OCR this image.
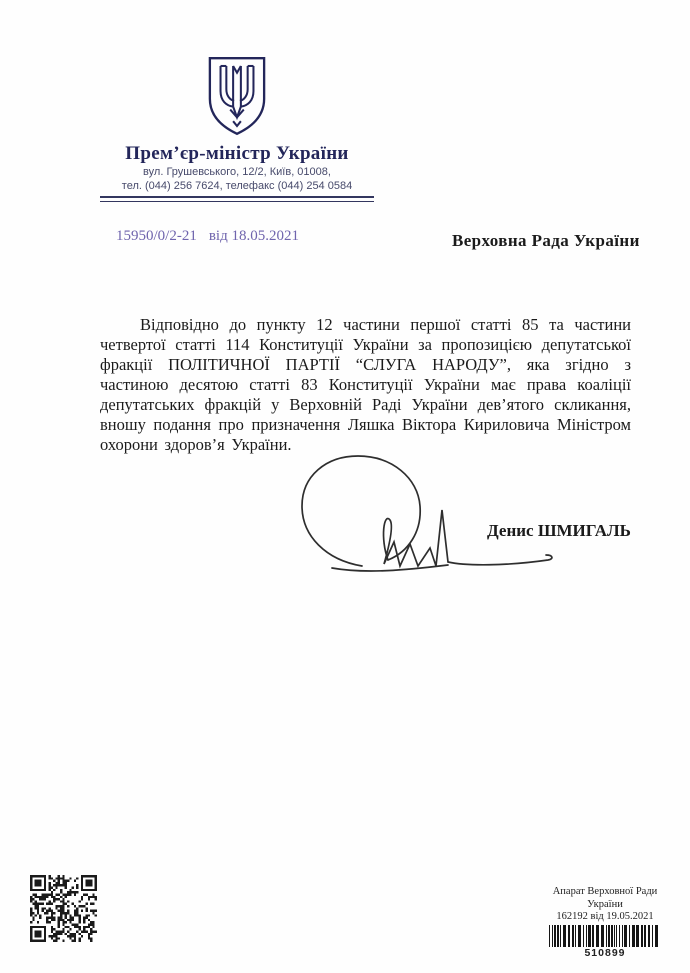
Прем’єр-міністр України
вул. Грушевського, 12/2, Київ, 01008,
тел. (044) 256 7624, телефакс (044) 254 0584
15950/0/2-21 від 18.05.2021	Верховна Рада України

Відповідно до пункту 12 частини першої статті 85 та частини четвертої статті 114 Конституції України за пропозицією депутатської фракції ПОЛІТИЧНОЇ ПАРТІЇ “СЛУГА НАРОДУ”, яка згідно з частиною десятою статті 83 Конституції України має права коаліції депутатських фракцій у Верховній Раді України дев’ятого скликання, вношу подання про призначення Ляшка Віктора Кириловича Міністром охорони здоров’я України.

Денис ШМИГАЛЬ
Апарат Верховної Ради України
162192 від 19.05.2021
510899
